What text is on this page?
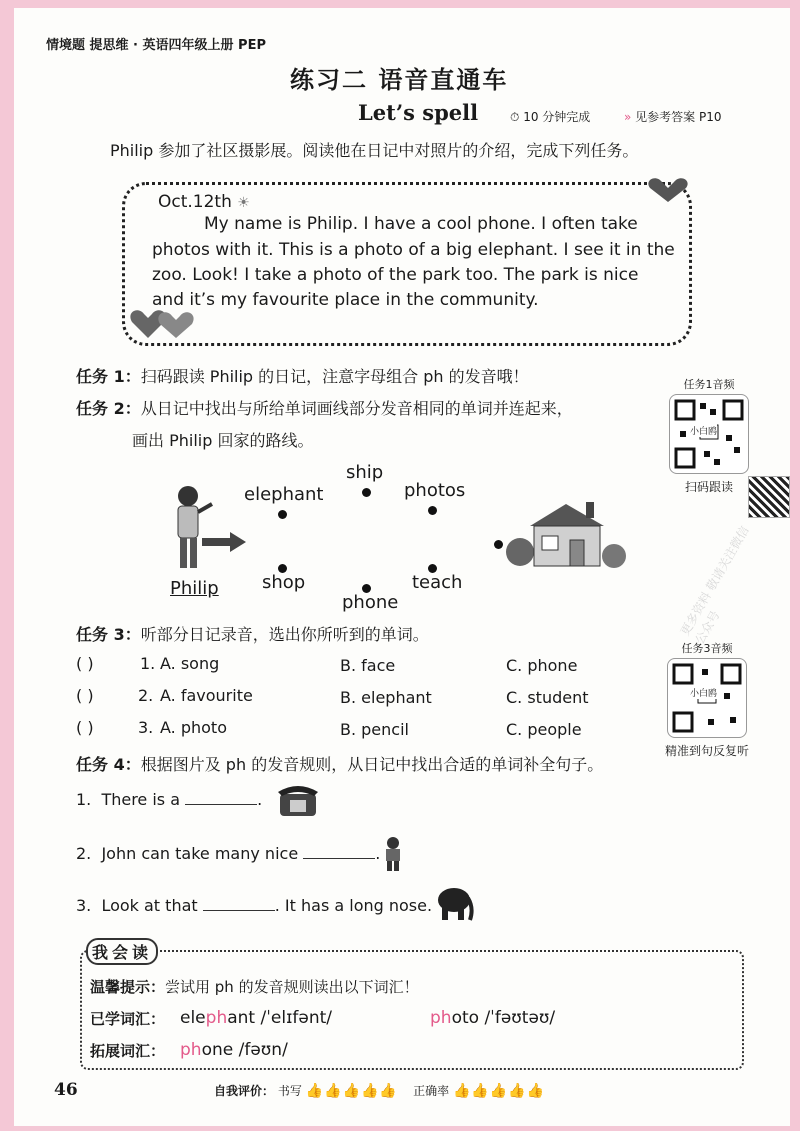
情境题 提思维 · 英语四年级上册 PEP
练习二 语音直通车
Let’s spell	⏱ 10 分钟完成	» 见参考答案 P10
Philip 参加了社区摄影展。阅读他在日记中对照片的介绍，完成下列任务。
Oct.12th ☀
My name is Philip. I have a cool phone. I often take
photos with it. This is a photo of a big elephant. I see it in the
zoo. Look! I take a photo of the park too. The park is nice
and it’s my favourite place in the community.
任务 1：扫码跟读 Philip 的日记，注意字母组合 ph 的发音哦！
任务 2：从日记中找出与所给单词画线部分发音相同的单词并连起来，
画出 Philip 回家的路线。
任务1音频
扫码跟读
小白鸥
更多资料 敬请关注微信公众号
Philip
elephant
ship
photos
shop
phone
teach
任务 3：听部分日记录音，选出你所听到的单词。
( )	1. A. song	B. face	C. phone
( )	2. A. favourite	B. elephant	C. student
( )	3. A. photo	B. pencil	C. people
任务3音频
精准到句反复听
小白鸥
任务 4：根据图片及 ph 的发音规则，从日记中找出合适的单词补全句子。
1. There is a	.
2. John can take many nice	.
3. Look at that	. It has a long nose.
我会读
温馨提示：尝试用 ph 的发音规则读出以下词汇！
已学词汇： elephant /ˈelɪfənt/	photo /ˈfəʊtəʊ/
拓展词汇： phone /fəʊn/
46	自我评价： 书写 👍👍👍👍👍 正确率 👍👍👍👍👍
